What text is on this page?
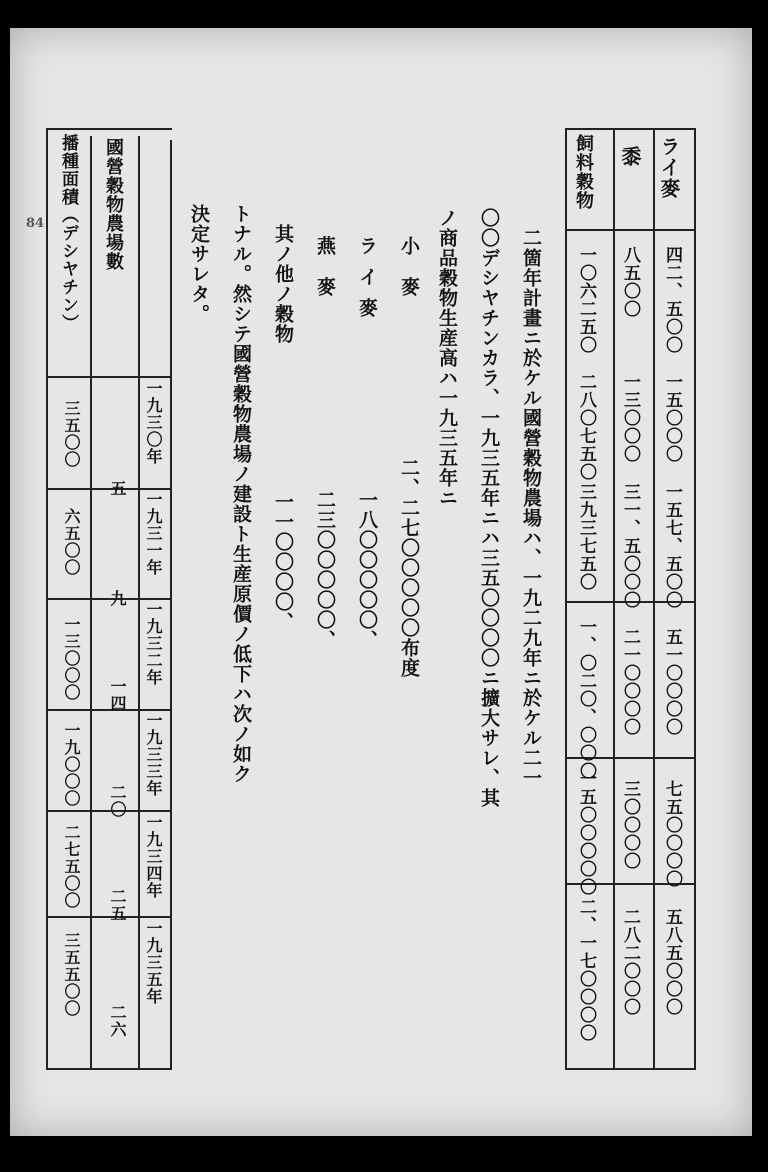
84
ライ麥
黍
飼料穀物
四二、五〇〇
一五〇〇〇
一五七、五〇〇
五一〇〇〇〇
七五〇〇〇〇
五八五〇〇〇
八五〇〇
一三〇〇〇
三一、五〇〇〇
二一〇〇〇〇
三〇〇〇〇
二八二〇〇〇
一〇六二五〇
二八〇七五〇
三九三七五〇
一、〇二〇、〇〇〇
一五〇〇〇〇〇
二、一七〇〇〇〇
二箇年計畫ニ於ケル國營穀物農場ハ、一九二九年ニ於ケル二一
〇〇デシヤチンカラ、一九三五年ニハ三五〇〇〇〇ニ擴大サレ、其
ノ商品穀物生産高ハ一九三五年ニ
小麥
二、二七〇〇〇〇〇布度
ライ麥
一八〇〇〇〇〇、
燕麥
二三〇〇〇〇〇、
其ノ他ノ穀物
一一〇〇〇〇、
トナル。然シテ國營穀物農場ノ建設ト生産原價ノ低下ハ次ノ如ク
決定サレタ。
國營穀物農場數
播種面積（デシヤチン）
一九三〇年
一九三一年
一九三二年
一九三三年
一九三四年
一九三五年
五
九
一四
二〇
二五
二六
三五〇〇
六五〇〇
一三〇〇〇
一九〇〇〇
二七五〇〇
三五五〇〇
